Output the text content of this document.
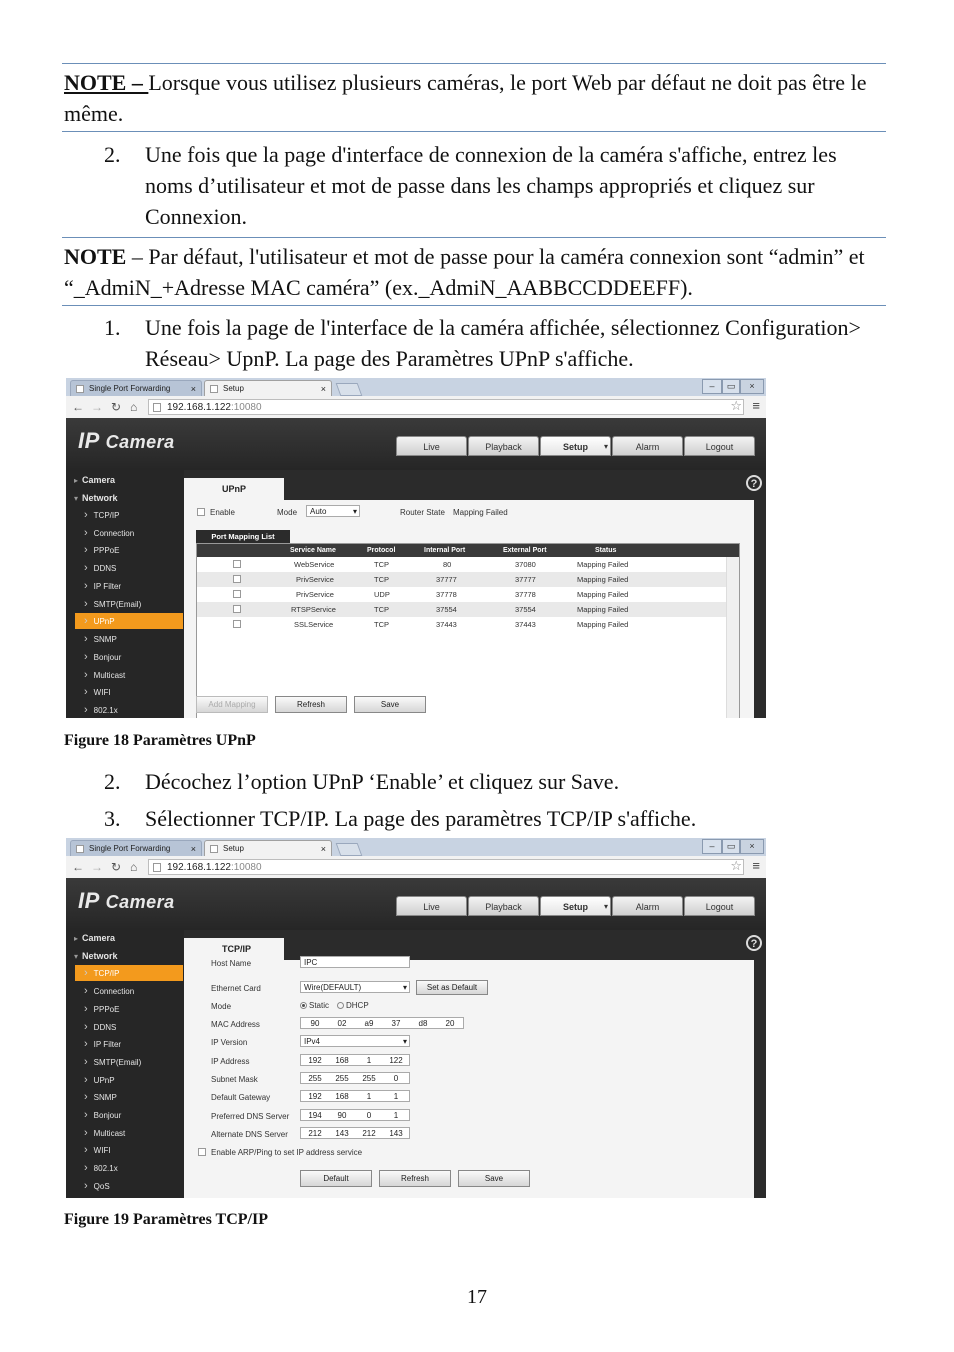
NOTE – Lorsque vous utilisez plusieurs caméras, le port Web par défaut ne doit pas être le même.
2. Une fois que la page d'interface de connexion de la caméra s'affiche, entrez les noms d’utilisateur et mot de passe dans les champs appropriés et cliquez sur Connexion.
NOTE – Par défaut, l'utilisateur et mot de passe pour la caméra connexion sont “admin” et “_AdmiN_+Adresse MAC caméra” (ex._AdmiN_AABBCCDDEEFF).
1. Une fois la page de l'interface de la caméra affichée, sélectionnez Configuration> Réseau> UpnP. La page des Paramètres UPnP s'affiche.
Single Port Forwarding ×	Setup	×	–	▭	×
← → ↻ ⌂	192.168.1.122:10080	☆ ≡
IP Camera	Live	Playback	Setup ▾	Alarm	Logout
▸ Camera
▾ Network
› TCP/IP
› Connection
› PPPoE
› DDNS
› IP Filter
› SMTP(Email)
› UPnP
› SNMP
› Bonjour
› Multicast
› WIFI
› 802.1x
?
UPnP
Enable	Mode	Auto ▾	Router State Mapping Failed
Port Mapping List
Service Name	Protocol	Internal Port	External Port	Status
WebService	TCP	80	37080	Mapping Failed
PrivService	TCP	37777	37777	Mapping Failed
PrivService	UDP	37778	37778	Mapping Failed
RTSPService	TCP	37554	37554	Mapping Failed
SSLService	TCP	37443	37443	Mapping Failed
Add Mapping	Refresh	Save
Figure 18 Paramètres UPnP
2. Décochez l’option UPnP ‘Enable’ et cliquez sur Save.
3. Sélectionner TCP/IP. La page des paramètres TCP/IP s'affiche.
Single Port Forwarding ×	Setup	×	–	▭	×
← → ↻ ⌂	192.168.1.122:10080	☆ ≡
IP Camera	Live	Playback	Setup ▾	Alarm	Logout
▸ Camera
▾ Network
› TCP/IP
› Connection
› PPPoE
› DDNS
› IP Filter
› SMTP(Email)
› UPnP
› SNMP
› Bonjour
› Multicast
› WIFI
› 802.1x
› QoS
?
TCP/IP
Host Name	IPC
Ethernet Card	Wire(DEFAULT) ▾	Set as Default
Mode	Static	DHCP
MAC Address	90	02	a9	37	d8	20
IP Version	IPv4 ▾
IP Address	192	168	1	122
Subnet Mask	255	255	255	0
Default Gateway	192	168	1	1
Preferred DNS Server	194	90	0	1
Alternate DNS Server	212	143	212	143
Enable ARP/Ping to set IP address service
Default	Refresh	Save
Figure 19 Paramètres TCP/IP
17
